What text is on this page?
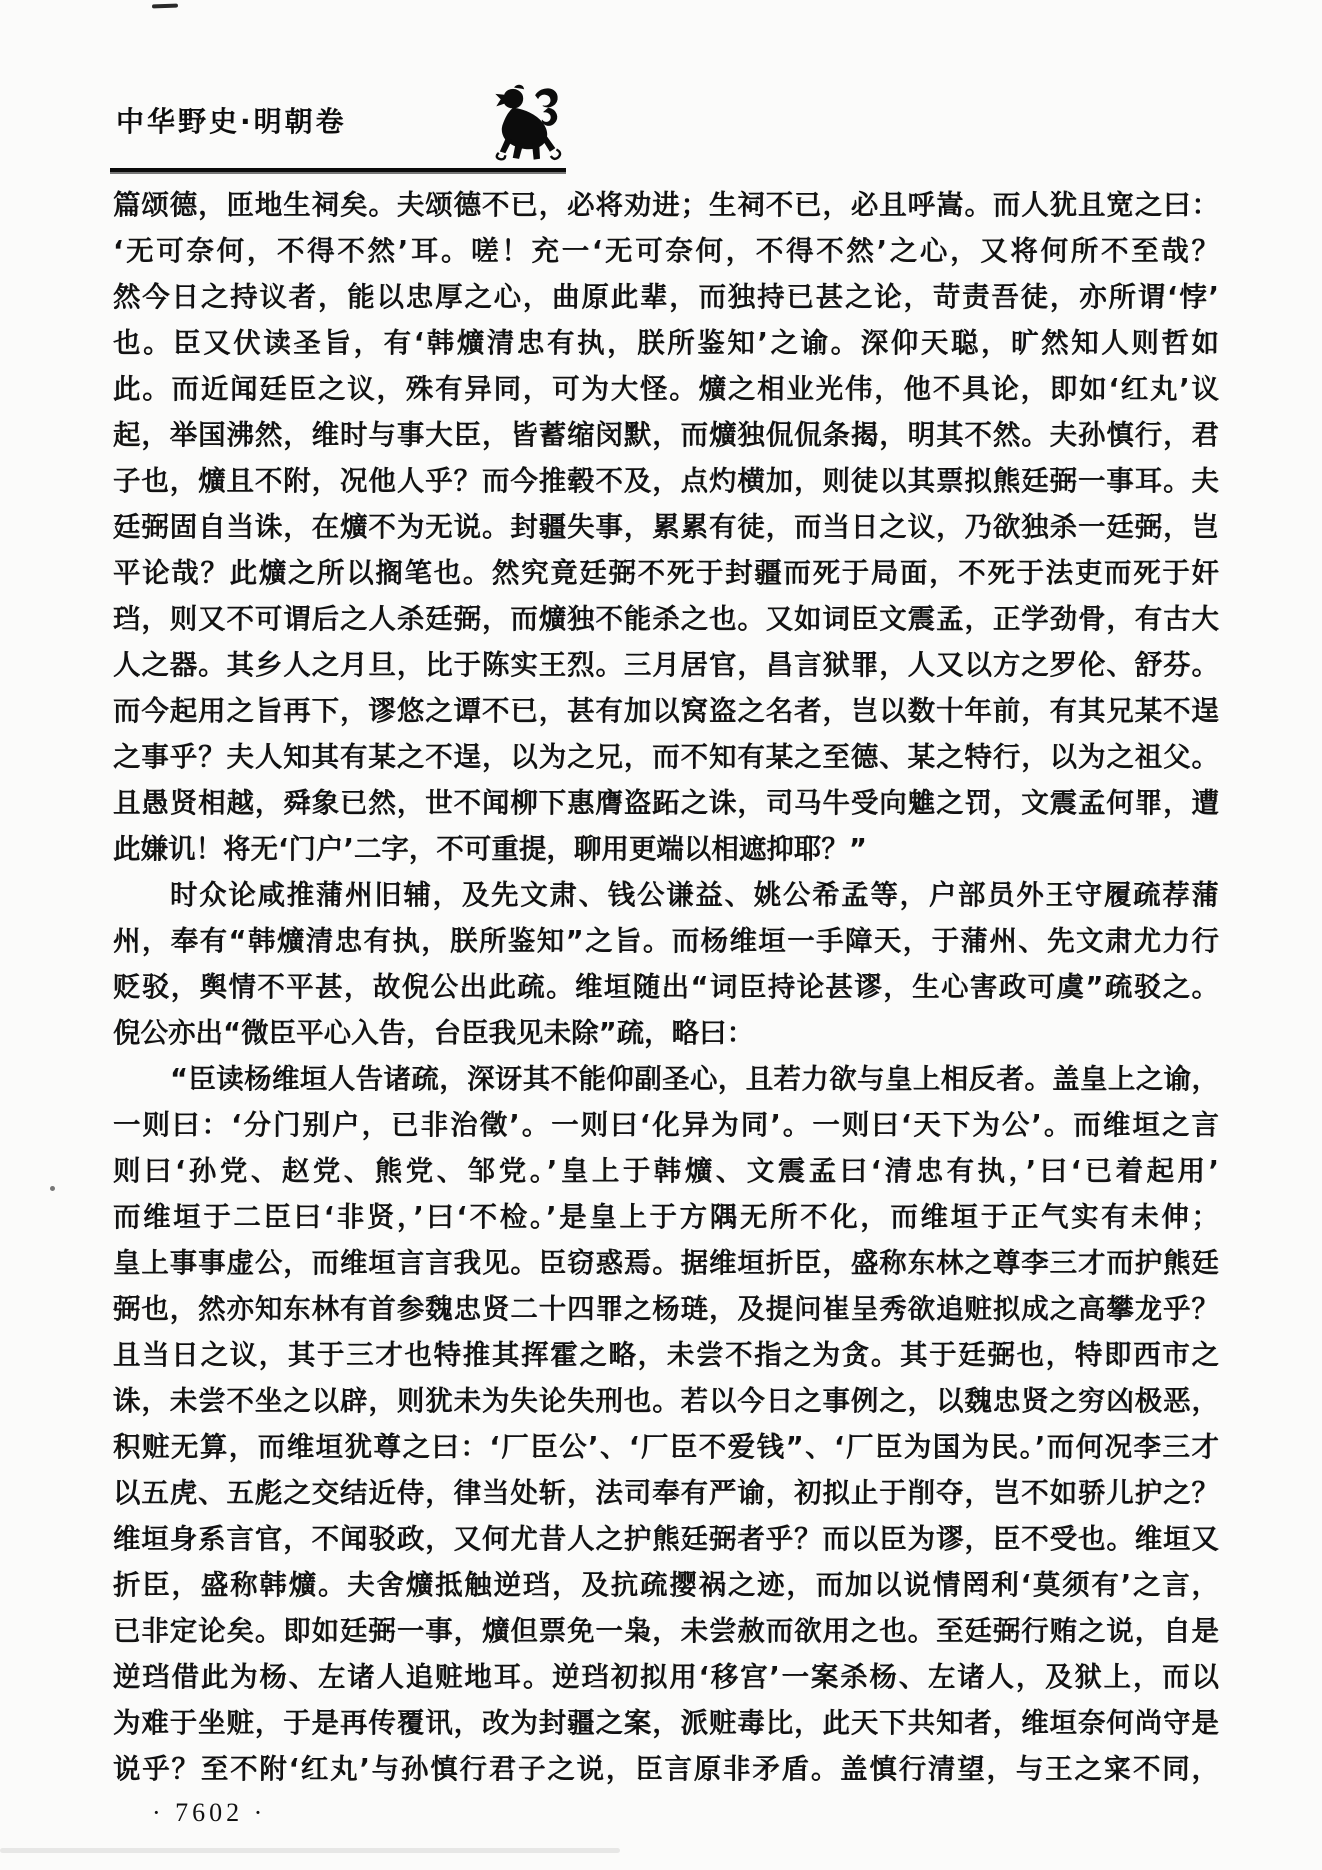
中华野史·明朝卷
篇颂德，匝地生祠矣。夫颂德不已，必将劝进；生祠不已，必且呼嵩。而人犹且宽之曰：
‘无可奈何，不得不然’耳。嗟！充一‘无可奈何，不得不然’之心，又将何所不至哉？
然今日之持议者，能以忠厚之心，曲原此辈，而独持已甚之论，苛责吾徒，亦所谓‘悖’
也。臣又伏读圣旨，有‘韩爌清忠有执，朕所鉴知’之谕。深仰天聪，旷然知人则哲如
此。而近闻廷臣之议，殊有异同，可为大怪。爌之相业光伟，他不具论，即如‘红丸’议
起，举国沸然，维时与事大臣，皆蓄缩闵默，而爌独侃侃条揭，明其不然。夫孙慎行，君
子也，爌且不附，况他人乎？而今推毂不及，点灼横加，则徒以其票拟熊廷弼一事耳。夫
廷弼固自当诛，在爌不为无说。封疆失事，累累有徒，而当日之议，乃欲独杀一廷弼，岂
平论哉？此爌之所以搁笔也。然究竟廷弼不死于封疆而死于局面，不死于法吏而死于奸
珰，则又不可谓后之人杀廷弼，而爌独不能杀之也。又如词臣文震孟，正学劲骨，有古大
人之器。其乡人之月旦，比于陈实王烈。三月居官，昌言狱罪，人又以方之罗伦、舒芬。
而今起用之旨再下，谬悠之谭不已，甚有加以窝盗之名者，岂以数十年前，有其兄某不逞
之事乎？夫人知其有某之不逞，以为之兄，而不知有某之至德、某之特行，以为之祖父。
且愚贤相越，舜象已然，世不闻柳下惠膺盗跖之诛，司马牛受向魋之罚，文震孟何罪，遭
此嫌讥！将无‘门户’二字，不可重提，聊用更端以相遮抑耶？”
时众论咸推蒲州旧辅，及先文肃、钱公谦益、姚公希孟等，户部员外王守履疏荐蒲
州，奉有“韩爌清忠有执，朕所鉴知”之旨。而杨维垣一手障天，于蒲州、先文肃尤力行
贬驳，舆情不平甚，故倪公出此疏。维垣随出“词臣持论甚谬，生心害政可虞”疏驳之。
倪公亦出“微臣平心入告，台臣我见未除”疏，略曰：
“臣读杨维垣人告诸疏，深讶其不能仰副圣心，且若力欲与皇上相反者。盖皇上之谕，
一则曰：‘分门别户，已非治徵’。一则曰‘化异为同’。一则曰‘天下为公’。而维垣之言
则曰‘孙党、赵党、熊党、邹党。’皇上于韩爌、文震孟曰‘清忠有执，’曰‘已着起用’
而维垣于二臣曰‘非贤，’曰‘不检。’是皇上于方隅无所不化，而维垣于正气实有未伸；
皇上事事虚公，而维垣言言我见。臣窃惑焉。据维垣折臣，盛称东林之尊李三才而护熊廷
弼也，然亦知东林有首参魏忠贤二十四罪之杨琏，及提问崔呈秀欲追赃拟成之高攀龙乎？
且当日之议，其于三才也特推其挥霍之略，未尝不指之为贪。其于廷弼也，特即西市之
诛，未尝不坐之以辟，则犹未为失论失刑也。若以今日之事例之，以魏忠贤之穷凶极恶，
积赃无算，而维垣犹尊之曰：‘厂臣公’、‘厂臣不爱钱”、‘厂臣为国为民。’而何况李三才
以五虎、五彪之交结近侍，律当处斩，法司奉有严谕，初拟止于削夺，岂不如骄儿护之？
维垣身系言官，不闻驳政，又何尤昔人之护熊廷弼者乎？而以臣为谬，臣不受也。维垣又
折臣，盛称韩爌。夫舍爌抵触逆珰，及抗疏撄祸之迹，而加以说情罔利‘莫须有’之言，
已非定论矣。即如廷弼一事，爌但票免一枭，未尝赦而欲用之也。至廷弼行贿之说，自是
逆珰借此为杨、左诸人追赃地耳。逆珰初拟用‘移宫’一案杀杨、左诸人，及狱上，而以
为难于坐赃，于是再传覆讯，改为封疆之案，派赃毒比，此天下共知者，维垣奈何尚守是
说乎？至不附‘红丸’与孙慎行君子之说，臣言原非矛盾。盖慎行清望，与王之寀不同，
· 7602 ·
